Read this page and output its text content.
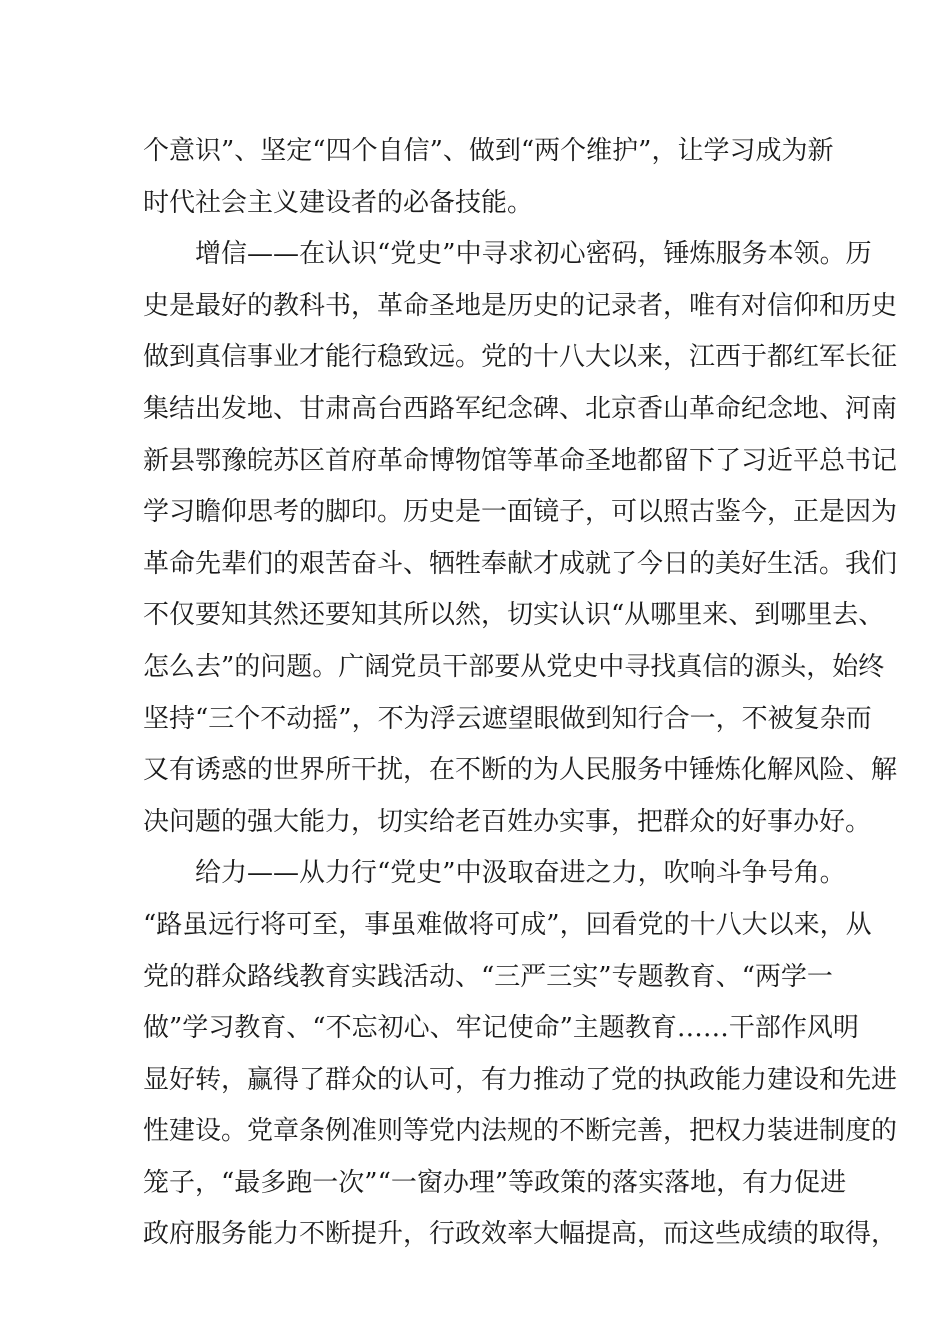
个意识”、坚定“四个自信”、做到“两个维护”，让学习成为新
时代社会主义建设者的必备技能。
　　增信——在认识“党史”中寻求初心密码，锤炼服务本领。历
史是最好的教科书，革命圣地是历史的记录者，唯有对信仰和历史
做到真信事业才能行稳致远。党的十八大以来，江西于都红军长征
集结出发地、甘肃高台西路军纪念碑、北京香山革命纪念地、河南
新县鄂豫皖苏区首府革命博物馆等革命圣地都留下了习近平总书记
学习瞻仰思考的脚印。历史是一面镜子，可以照古鉴今，正是因为
革命先辈们的艰苦奋斗、牺牲奉献才成就了今日的美好生活。我们
不仅要知其然还要知其所以然，切实认识“从哪里来、到哪里去、
怎么去”的问题。广阔党员干部要从党史中寻找真信的源头，始终
坚持“三个不动摇”，不为浮云遮望眼做到知行合一，不被复杂而
又有诱惑的世界所干扰，在不断的为人民服务中锤炼化解风险、解
决问题的强大能力，切实给老百姓办实事，把群众的好事办好。
　　给力——从力行“党史”中汲取奋进之力，吹响斗争号角。
“路虽远行将可至，事虽难做将可成”，回看党的十八大以来，从
党的群众路线教育实践活动、“三严三实”专题教育、“两学一
做”学习教育、“不忘初心、牢记使命”主题教育……干部作风明
显好转，赢得了群众的认可，有力推动了党的执政能力建设和先进
性建设。党章条例准则等党内法规的不断完善，把权力装进制度的
笼子，“最多跑一次”“一窗办理”等政策的落实落地，有力促进
政府服务能力不断提升，行政效率大幅提高，而这些成绩的取得，
